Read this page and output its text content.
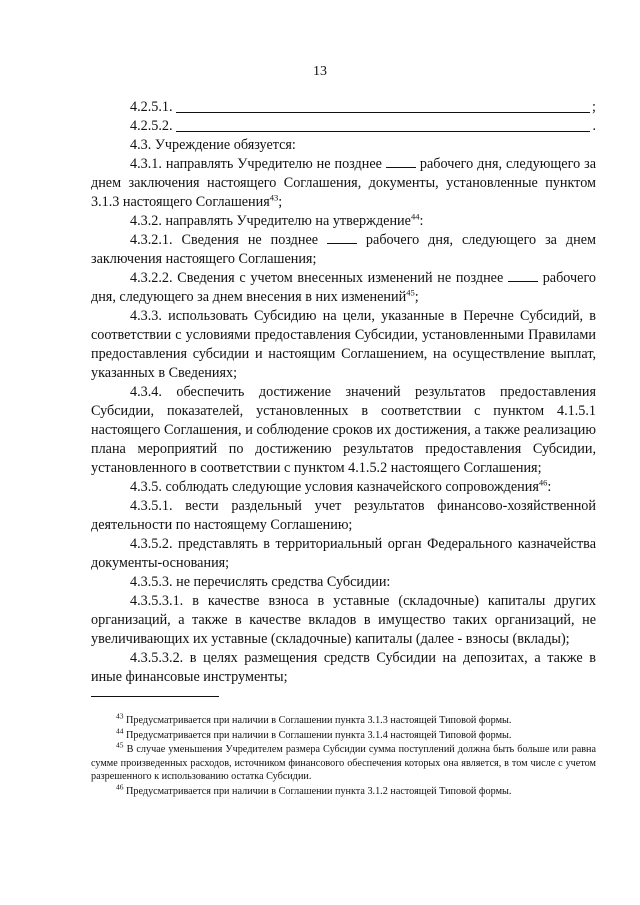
13
4.2.5.1.	;
4.2.5.2.	.

4.3. Учреждение обязуется:

4.3.1. направлять Учредителю не позднее	рабочего дня, следующего за днем заключения настоящего Соглашения, документы, установленные пунктом 3.1.3 настоящего Соглашения$^{43}$;

4.3.2. направлять Учредителю на утверждение$^{44}$:

4.3.2.1. Сведения не позднее	рабочего дня, следующего за днем заключения настоящего Соглашения;

4.3.2.2. Сведения с учетом внесенных изменений не позднее	рабочего дня, следующего за днем внесения в них изменений$^{45}$;

4.3.3. использовать Субсидию на цели, указанные в Перечне Субсидий, в соответствии с условиями предоставления Субсидии, установленными Правилами предоставления субсидии и настоящим Соглашением, на осуществление выплат, указанных в Сведениях;

4.3.4. обеспечить достижение значений результатов предоставления Субсидии, показателей, установленных в соответствии с пунктом 4.1.5.1 настоящего Соглашения, и соблюдение сроков их достижения, а также реализацию плана мероприятий по достижению результатов предоставления Субсидии, установленного в соответствии с пунктом 4.1.5.2 настоящего Соглашения;

4.3.5. соблюдать следующие условия казначейского сопровождения$^{46}$:

4.3.5.1. вести раздельный учет результатов финансово-хозяйственной деятельности по настоящему Соглашению;

4.3.5.2. представлять в территориальный орган Федерального казначейства документы-основания;

4.3.5.3. не перечислять средства Субсидии:

4.3.5.3.1. в качестве взноса в уставные (складочные) капиталы других организаций, а также в качестве вкладов в имущество таких организаций, не увеличивающих их уставные (складочные) капиталы (далее - взносы (вклады);

4.3.5.3.2. в целях размещения средств Субсидии на депозитах, а также в иные финансовые инструменты;

$^{43}$ Предусматривается при наличии в Соглашении пункта 3.1.3 настоящей Типовой формы.

$^{44}$ Предусматривается при наличии в Соглашении пункта 3.1.4 настоящей Типовой формы.

$^{45}$ В случае уменьшения Учредителем размера Субсидии сумма поступлений должна быть больше или равна сумме произведенных расходов, источником финансового обеспечения которых она является, в том числе с учетом разрешенного к использованию остатка Субсидии.

$^{46}$ Предусматривается при наличии в Соглашении пункта 3.1.2 настоящей Типовой формы.
